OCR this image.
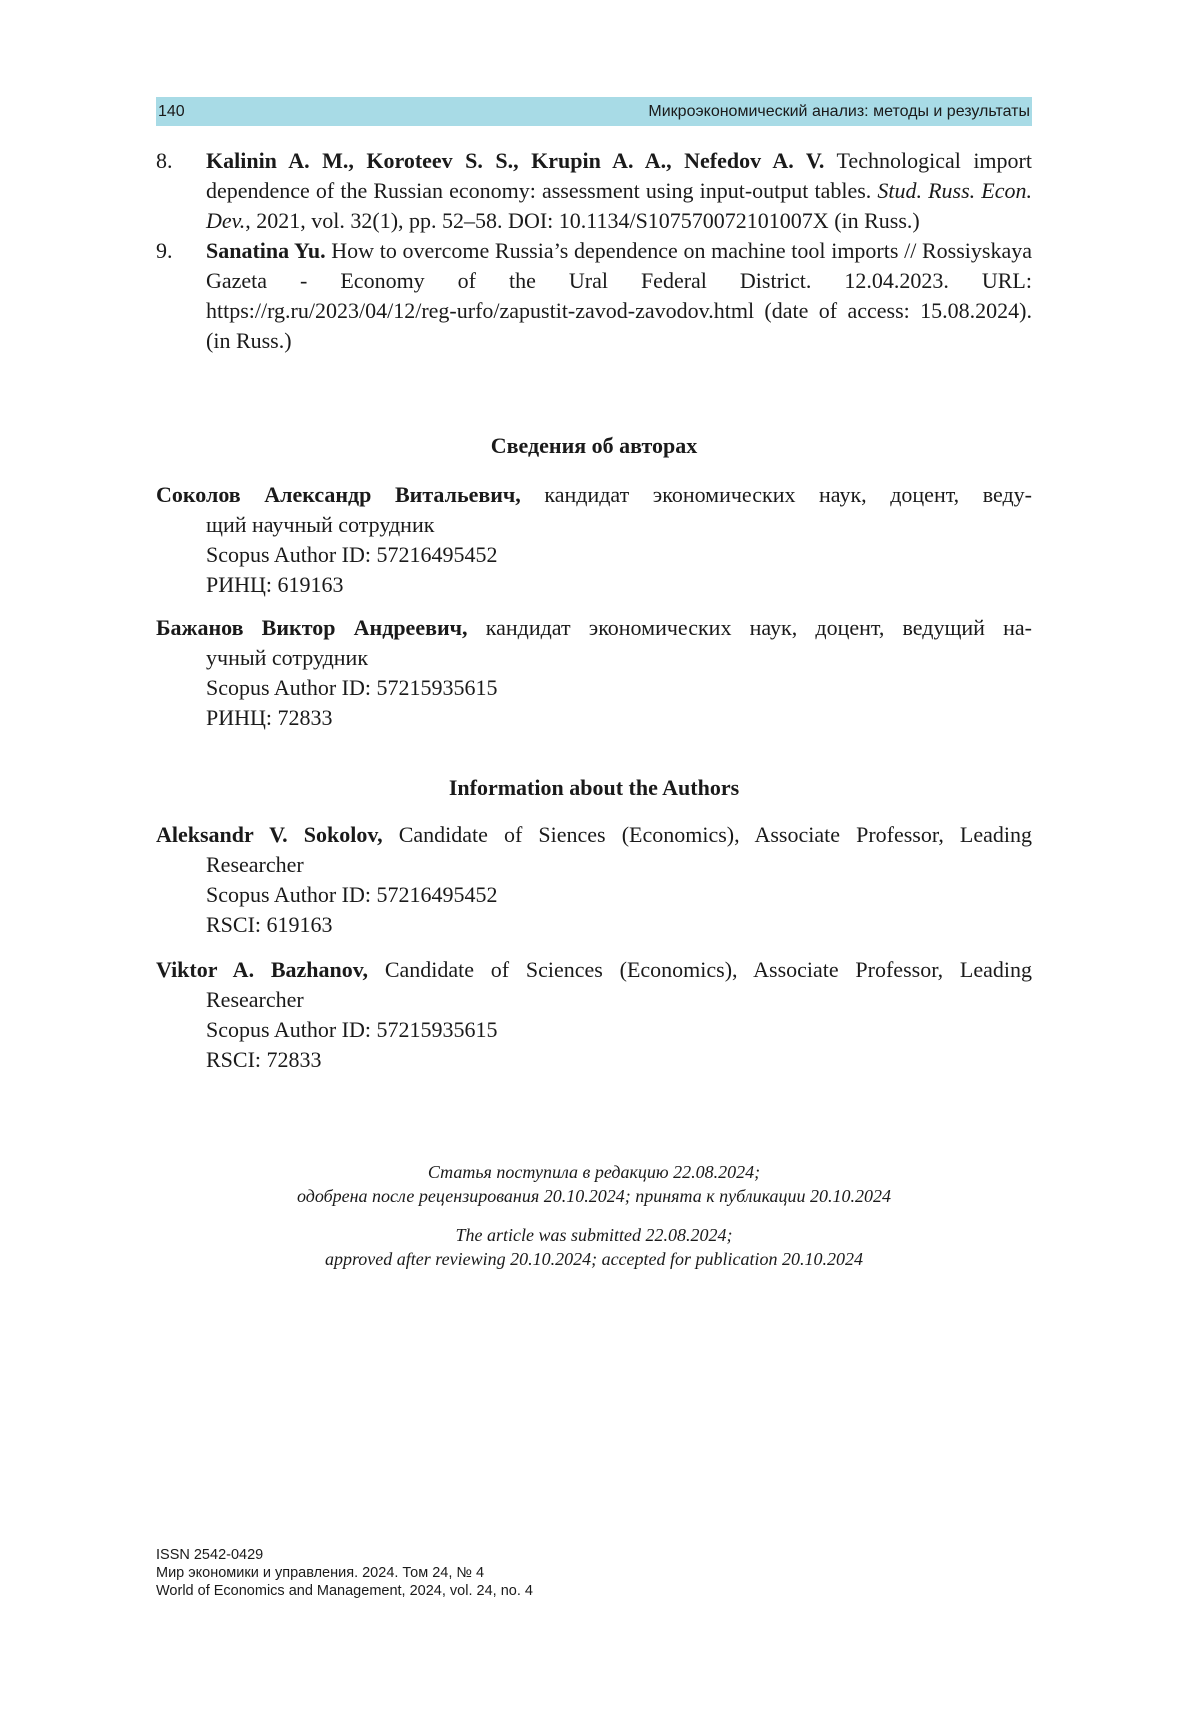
140	Микроэкономический анализ: методы и результаты
8.	Kalinin A. M., Koroteev S. S., Krupin A. A., Nefedov A. V. Technological import dependence of the Russian economy: assessment using input-output tables. Stud. Russ. Econ. Dev., 2021, vol. 32(1), pp. 52–58. DOI: 10.1134/S107570072101007X (in Russ.)
9.	Sanatina Yu. How to overcome Russia’s dependence on machine tool imports // Rossiyskaya Gazeta - Economy of the Ural Federal District. 12.04.2023. URL: https://rg.ru/2023/04/12/reg-urfo/zapustit-zavod-zavodov.html (date of access: 15.08.2024). (in Russ.)
Сведения об авторах
Соколов Александр Витальевич, кандидат экономических наук, доцент, веду-
щий научный сотрудник
Scopus Author ID: 57216495452
РИНЦ: 619163
Бажанов Виктор Андреевич, кандидат экономических наук, доцент, ведущий на-
учный сотрудник
Scopus Author ID: 57215935615
РИНЦ: 72833
Information about the Authors
Aleksandr V. Sokolov, Candidate of Siences (Economics), Associate Professor, Leading
Researcher
Scopus Author ID: 57216495452
RSCI: 619163
Viktor A. Bazhanov, Candidate of Sciences (Economics), Associate Professor, Leading
Researcher
Scopus Author ID: 57215935615
RSCI: 72833
Статья поступила в редакцию 22.08.2024;
одобрена после рецензирования 20.10.2024; принята к публикации 20.10.2024
The article was submitted 22.08.2024;
approved after reviewing 20.10.2024; accepted for publication 20.10.2024
ISSN 2542-0429
Мир экономики и управления. 2024. Том 24, № 4
World of Economics and Management, 2024, vol. 24, no. 4
